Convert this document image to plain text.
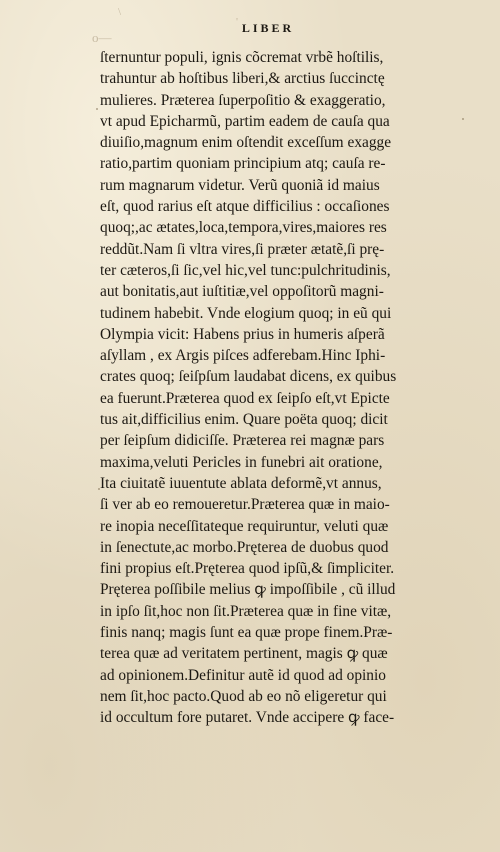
\
'
o—
LIBER
ſternuntur populi, ignis cõcremat vrbẽ hoſtilis,
trahuntur ab hoſtibus liberi,& arctius ſuccinctę
mulieres. Præterea ſuperpoſitio & exaggeratio,
vt apud Epicharmũ, partim eadem de cauſa qua
diuiſio,magnum enim oſtendit exceſſum exagge
ratio,partim quoniam principium atq; cauſa re-
rum magnarum videtur. Verũ quoniã id maius
eſt, quod rarius eſt atque difficilius : occaſiones
quoq;,ac ætates,loca,tempora,vires,maiores res
reddũt.Nam ſi vltra vires,ſi præter ætatẽ,ſi prę-
ter cæteros,ſi ſic,vel hic,vel tunc:pulchritudinis,
aut bonitatis,aut iuſtitiæ,vel oppoſitorũ magni-
tudinem habebit. Vnde elogium quoq; in eũ qui
Olympia vicit: Habens prius in humeris aſperã
aſyllam , ex Argis piſces adferebam.Hinc Iphi-
crates quoq; ſeiſpſum laudabat dicens, ex quibus
ea fuerunt.Præterea quod ex ſeipſo eſt,vt Epicte
tus ait,difficilius enim. Quare poëta quoq; dicit
per ſeipſum didiciſſe. Præterea rei magnæ pars
maxima,veluti Pericles in funebri ait oratione,
Ita ciuitatẽ iuuentute ablata deformẽ,vt annus,
ſi ver ab eo remoueretur.Præterea quæ in maio-
re inopia neceſſitateque requiruntur, veluti quæ
in ſenectute,ac morbo.Pręterea de duobus quod
fini propius eſt.Pręterea quod ipſũ,& ſimpliciter.
Pręterea poſſibile melius ꝙ impoſſibile , cũ illud
in ipſo ſit,hoc non ſit.Præterea quæ in fine vitæ,
finis nanq; magis ſunt ea quæ prope finem.Præ-
terea quæ ad veritatem pertinent, magis ꝙ quæ
ad opinionem.Definitur autẽ id quod ad opinio
nem ſit,hoc pacto.Quod ab eo nõ eligeretur qui
id occultum fore putaret. Vnde accipere ꝙ face-
